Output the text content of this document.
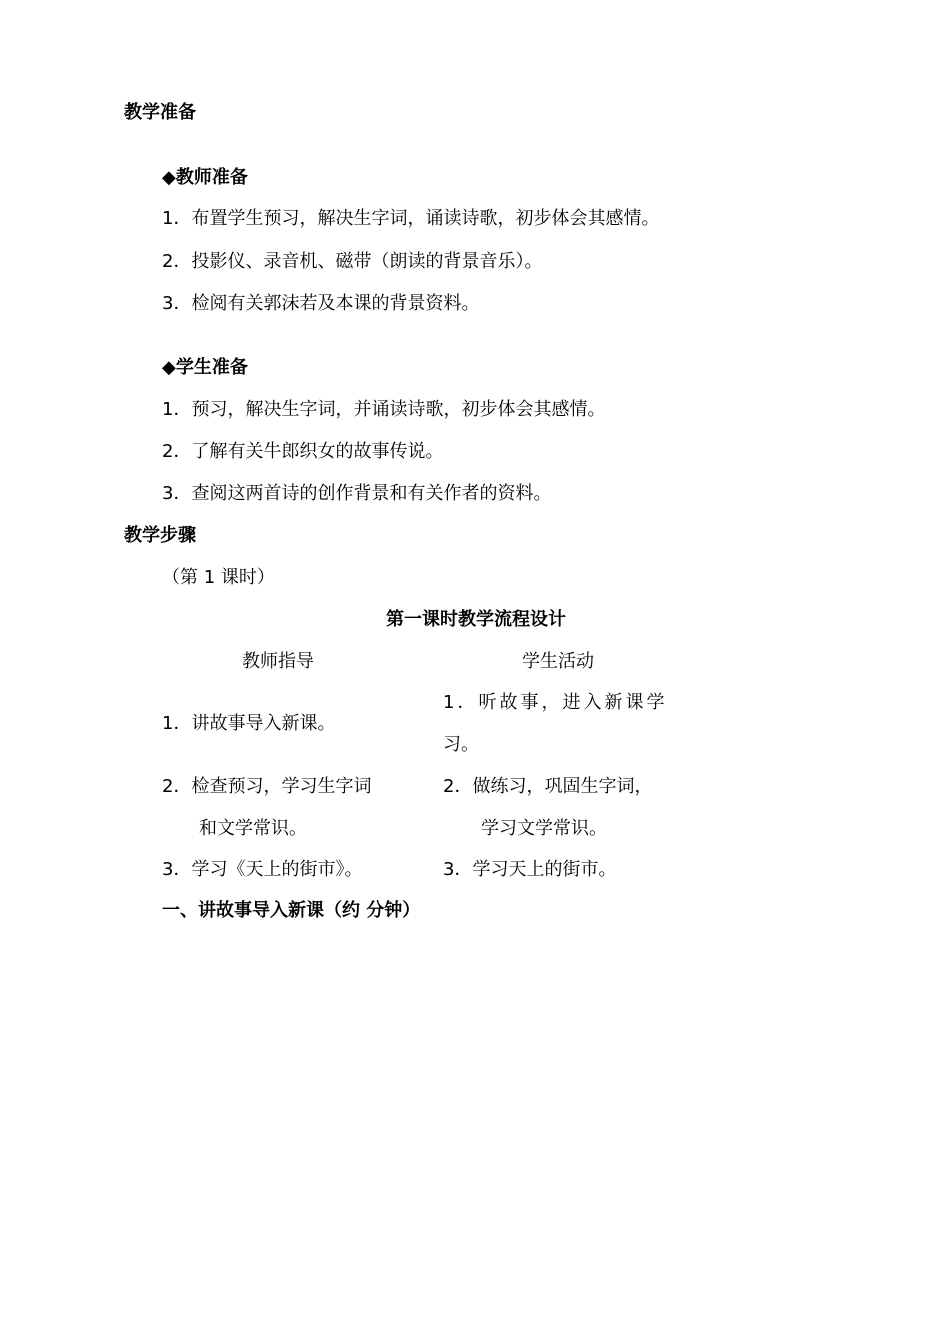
教学准备
◆教师准备
1．布置学生预习，解决生字词，诵读诗歌，初步体会其感情。
2．投影仪、录音机、磁带（朗读的背景音乐）。
3．检阅有关郭沫若及本课的背景资料。
◆学生准备
1．预习，解决生字词，并诵读诗歌，初步体会其感情。
2．了解有关牛郎织女的故事传说。
3．查阅这两首诗的创作背景和有关作者的资料。
教学步骤
（第 1 课时）
第一课时教学流程设计
教师指导	学生活动
1．讲故事导入新课。
2．检查预习，学习生字词
和文学常识。
3．学习《天上的街市》。
1．听故事，进入新课学
习。
2．做练习，巩固生字词，
学习文学常识。
3．学习天上的街市。
一、讲故事导入新课（约 分钟）
